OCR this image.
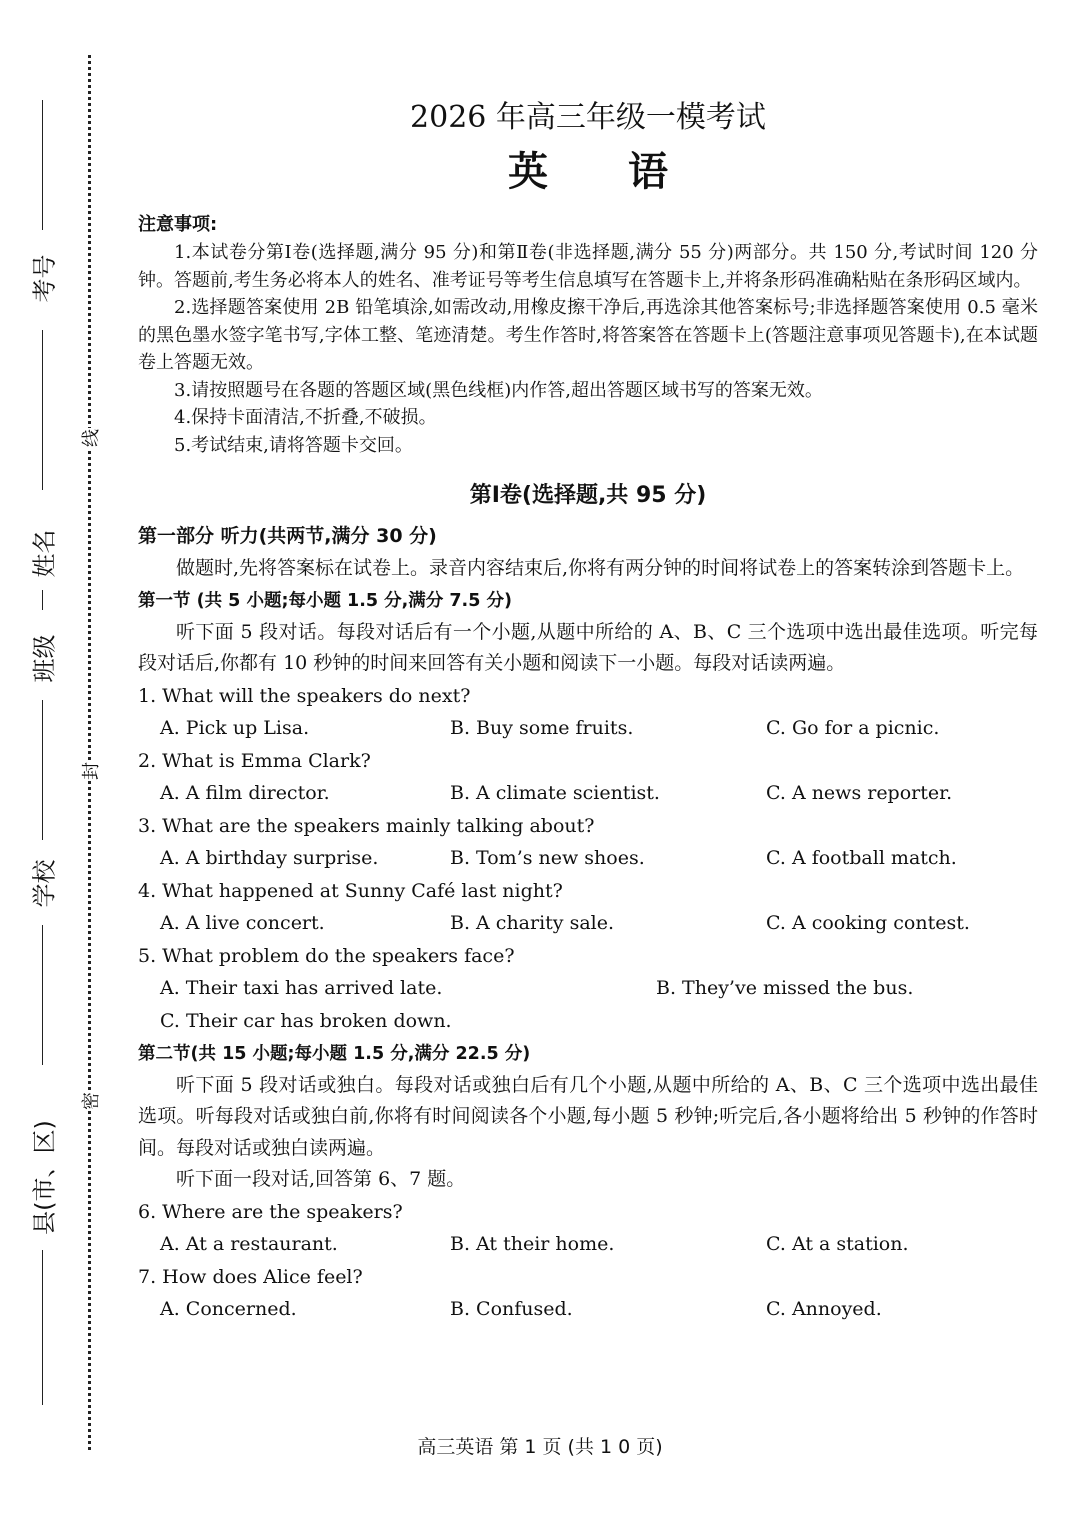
考号
姓名
班级
学校
县(市、区)
线
封
密
2026 年高三年级一模考试
英语
注意事项:

1.本试卷分第Ⅰ卷(选择题,满分 95 分)和第Ⅱ卷(非选择题,满分 55 分)两部分。共 150 分,考试时间 120 分钟。答题前,考生务必将本人的姓名、准考证号等考生信息填写在答题卡上,并将条形码准确粘贴在条形码区域内。

2.选择题答案使用 2B 铅笔填涂,如需改动,用橡皮擦干净后,再选涂其他答案标号;非选择题答案使用 0.5 毫米的黑色墨水签字笔书写,字体工整、笔迹清楚。考生作答时,将答案答在答题卡上(答题注意事项见答题卡),在本试题卷上答题无效。

3.请按照题号在各题的答题区域(黑色线框)内作答,超出答题区域书写的答案无效。

4.保持卡面清洁,不折叠,不破损。

5.考试结束,请将答题卡交回。

第Ⅰ卷(选择题,共 95 分)
第一部分 听力(共两节,满分 30 分)
做题时,先将答案标在试卷上。录音内容结束后,你将有两分钟的时间将试卷上的答案转涂到答题卡上。
第一节 (共 5 小题;每小题 1.5 分,满分 7.5 分)
听下面 5 段对话。每段对话后有一个小题,从题中所给的 A、B、C 三个选项中选出最佳选项。听完每段对话后,你都有 10 秒钟的时间来回答有关小题和阅读下一小题。每段对话读两遍。
1. What will the speakers do next?
A. Pick up Lisa.	B. Buy some fruits.	C. Go for a picnic.
2. What is Emma Clark?
A. A film director.	B. A climate scientist.	C. A news reporter.
3. What are the speakers mainly talking about?
A. A birthday surprise.	B. Tom’s new shoes.	C. A football match.
4. What happened at Sunny Café last night?
A. A live concert.	B. A charity sale.	C. A cooking contest.
5. What problem do the speakers face?
A. Their taxi has arrived late.	B. They’ve missed the bus.
C. Their car has broken down.
第二节(共 15 小题;每小题 1.5 分,满分 22.5 分)
听下面 5 段对话或独白。每段对话或独白后有几个小题,从题中所给的 A、B、C 三个选项中选出最佳选项。听每段对话或独白前,你将有时间阅读各个小题,每小题 5 秒钟;听完后,各小题将给出 5 秒钟的作答时间。每段对话或独白读两遍。
听下面一段对话,回答第 6、7 题。
6. Where are the speakers?
A. At a restaurant.	B. At their home.	C. At a station.
7. How does Alice feel?
A. Concerned.	B. Confused.	C. Annoyed.
高三英语 第 1 页 (共 1 0 页)
